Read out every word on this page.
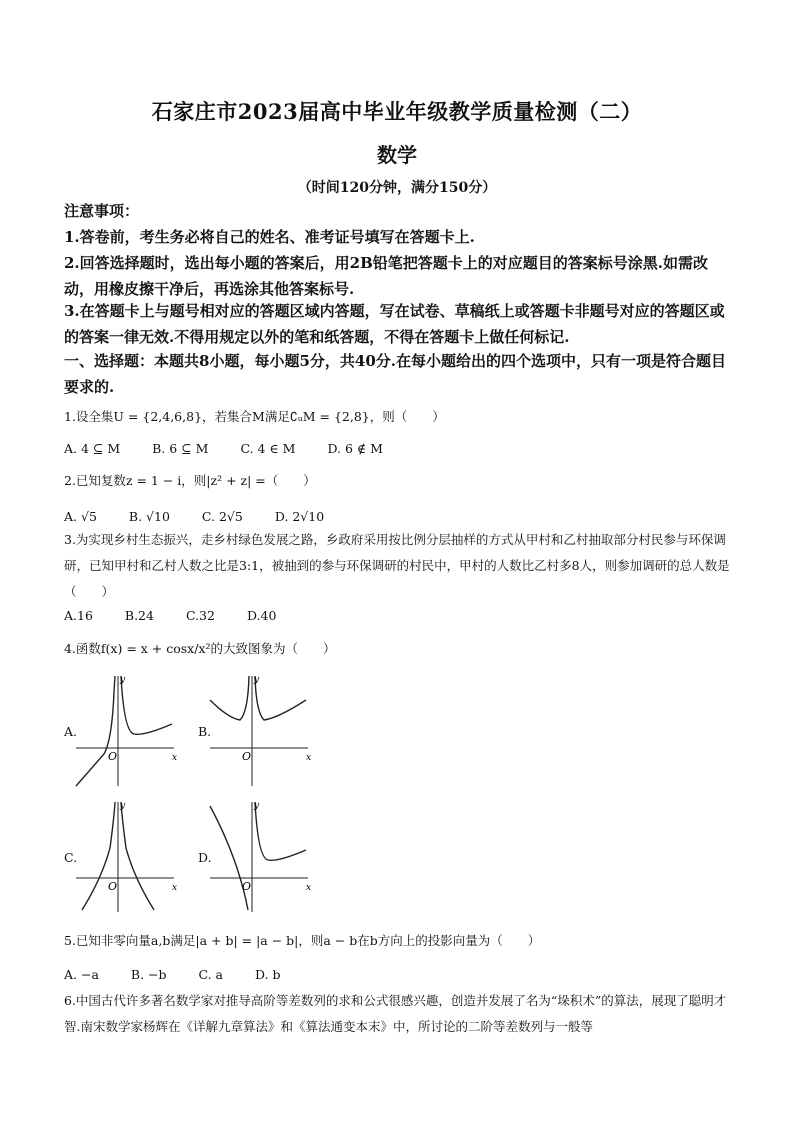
石家庄市2023届高中毕业年级教学质量检测（二）
数学
（时间120分钟，满分150分）
注意事项：
1.答卷前，考生务必将自己的姓名、准考证号填写在答题卡上.
2.回答选择题时，选出每小题的答案后，用2B铅笔把答题卡上的对应题目的答案标号涂黑.如需改动，用橡皮擦干净后，再选涂其他答案标号.
3.在答题卡上与题号相对应的答题区域内答题，写在试卷、草稿纸上或答题卡非题号对应的答题区或的答案一律无效.不得用规定以外的笔和纸答题，不得在答题卡上做任何标记.
一、选择题：本题共8小题，每小题5分，共40分.在每小题给出的四个选项中，只有一项是符合题目要求的.
1.设全集U = {2,4,6,8}，若集合M满足∁ᵤM = {2,8}，则（　　）
A. 4 ⊆ M	B. 6 ⊆ M	C. 4 ∈ M	D. 6 ∉ M
2.已知复数z = 1 − i，则|z² + z| =（　　）
A. √5	B. √10	C. 2√5	D. 2√10
3.为实现乡村生态振兴，走乡村绿色发展之路，乡政府采用按比例分层抽样的方式从甲村和乙村抽取部分村民参与环保调研，已知甲村和乙村人数之比是3:1，被抽到的参与环保调研的村民中，甲村的人数比乙村多8人，则参加调研的总人数是（　　）
A.16	B.24	C.32	D.40
4.函数f(x) = x + cosx/x²的大致图象为（　　）
A.
y
x
O
B.
y
x
O
C.
y
x
O
D.
y
x
O
5.已知非零向量a,b满足|a + b| = |a − b|，则a − b在b方向上的投影向量为（　　）
A. −a	B. −b	C. a	D. b
6.中国古代许多著名数学家对推导高阶等差数列的求和公式很感兴趣，创造并发展了名为“垛积术”的算法，展现了聪明才智.南宋数学家杨辉在《详解九章算法》和《算法通变本末》中，所讨论的二阶等差数列与一般等
